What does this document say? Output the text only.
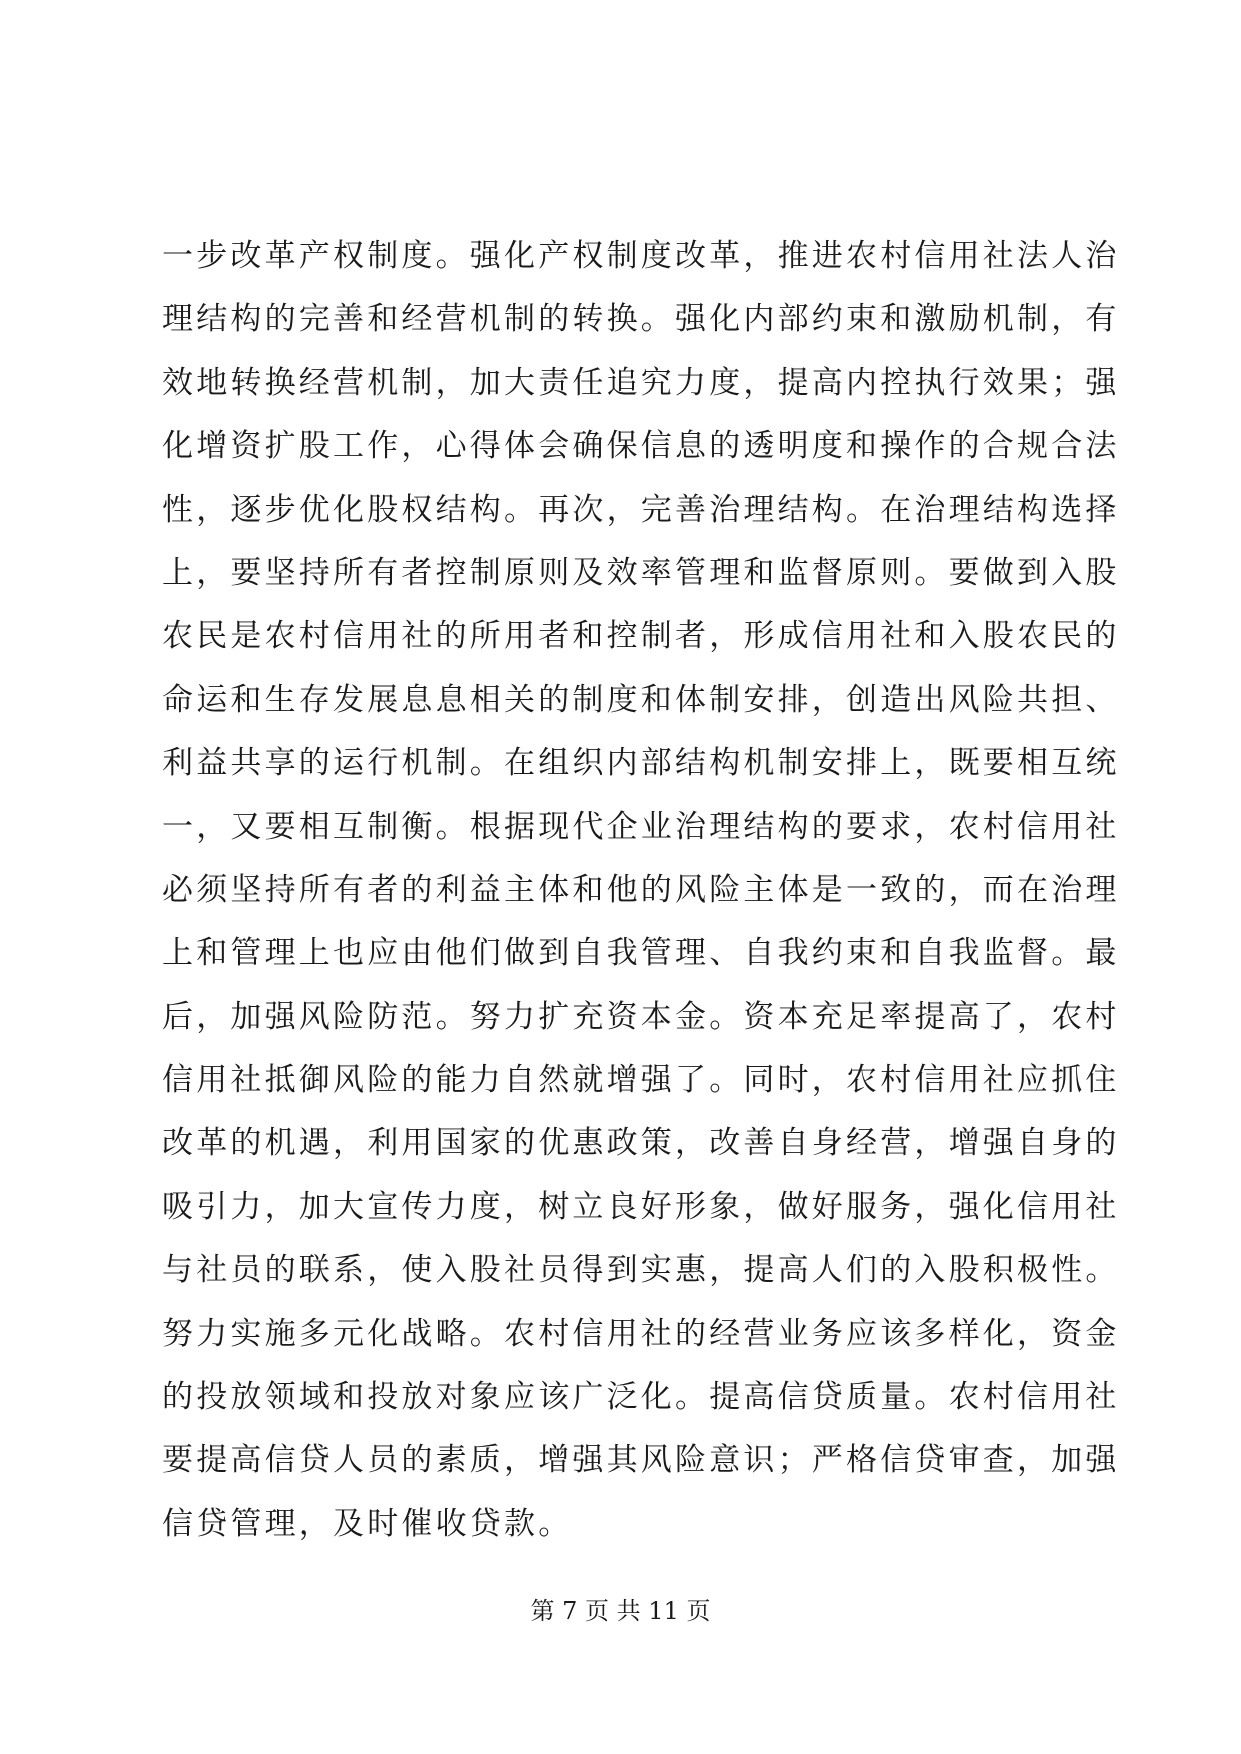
一步改革产权制度。强化产权制度改革，推进农村信用社法人治
理结构的完善和经营机制的转换。强化内部约束和激励机制，有
效地转换经营机制，加大责任追究力度，提高内控执行效果；强
化增资扩股工作，心得体会确保信息的透明度和操作的合规合法
性，逐步优化股权结构。再次，完善治理结构。在治理结构选择
上，要坚持所有者控制原则及效率管理和监督原则。要做到入股
农民是农村信用社的所用者和控制者，形成信用社和入股农民的
命运和生存发展息息相关的制度和体制安排，创造出风险共担、
利益共享的运行机制。在组织内部结构机制安排上，既要相互统
一，又要相互制衡。根据现代企业治理结构的要求，农村信用社
必须坚持所有者的利益主体和他的风险主体是一致的，而在治理
上和管理上也应由他们做到自我管理、自我约束和自我监督。最
后，加强风险防范。努力扩充资本金。资本充足率提高了，农村
信用社抵御风险的能力自然就增强了。同时，农村信用社应抓住
改革的机遇，利用国家的优惠政策，改善自身经营，增强自身的
吸引力，加大宣传力度，树立良好形象，做好服务，强化信用社
与社员的联系，使入股社员得到实惠，提高人们的入股积极性。
努力实施多元化战略。农村信用社的经营业务应该多样化，资金
的投放领域和投放对象应该广泛化。提高信贷质量。农村信用社
要提高信贷人员的素质，增强其风险意识；严格信贷审查，加强
信贷管理，及时催收贷款。
第 7 页 共 11 页
